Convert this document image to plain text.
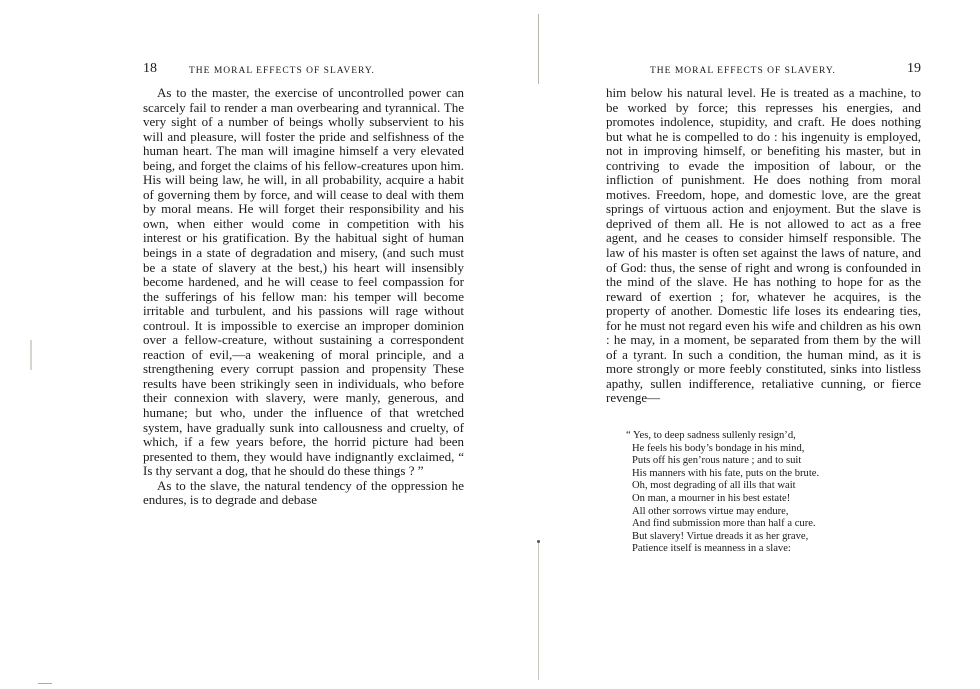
18	THE MORAL EFFECTS OF SLAVERY.

As to the master, the exercise of uncontrolled power can scarcely fail to render a man overbearing and tyrannical. The very sight of a number of beings wholly subservient to his will and pleasure, will foster the pride and selfishness of the human heart. The man will imagine himself a very elevated being, and forget the claims of his fellow-creatures upon him. His will being law, he will, in all probability, acquire a habit of governing them by force, and will cease to deal with them by moral means. He will forget their responsibility and his own, when either would come in competition with his interest or his gratification. By the habitual sight of human beings in a state of degradation and misery, (and such must be a state of slavery at the best,) his heart will insensibly become hardened, and he will cease to feel compassion for the sufferings of his fellow man: his temper will become irritable and turbulent, and his passions will rage without controul. It is impossible to exercise an improper dominion over a fellow-creature, without sustaining a correspondent reaction of evil,—a weakening of moral principle, and a strengthening every corrupt passion and propensity These results have been strikingly seen in individuals, who before their connexion with slavery, were manly, generous, and humane; but who, under the influence of that wretched system, have gradually sunk into callousness and cruelty, of which, if a few years before, the horrid picture had been presented to them, they would have indignantly exclaimed, “ Is thy servant a dog, that he should do these things ? ”

As to the slave, the natural tendency of the oppression he endures, is to degrade and debase

THE MORAL EFFECTS OF SLAVERY.	19

him below his natural level. He is treated as a machine, to be worked by force; this represses his energies, and promotes indolence, stupidity, and craft. He does nothing but what he is compelled to do : his ingenuity is employed, not in improving himself, or benefiting his master, but in contriving to evade the imposition of labour, or the infliction of punishment. He does nothing from moral motives. Freedom, hope, and domestic love, are the great springs of virtuous action and enjoyment. But the slave is deprived of them all. He is not allowed to act as a free agent, and he ceases to consider himself responsible. The law of his master is often set against the laws of nature, and of God: thus, the sense of right and wrong is confounded in the mind of the slave. He has nothing to hope for as the reward of exertion ; for, whatever he acquires, is the property of another. Domestic life loses its endearing ties, for he must not regard even his wife and children as his own : he may, in a moment, be separated from them by the will of a tyrant. In such a condition, the human mind, as it is more strongly or more feebly constituted, sinks into listless apathy, sullen indifference, retaliative cunning, or fierce revenge—

“ Yes, to deep sadness sullenly resign’d,
He feels his body’s bondage in his mind,
Puts off his gen’rous nature ; and to suit
His manners with his fate, puts on the brute.
Oh, most degrading of all ills that wait
On man, a mourner in his best estate!
All other sorrows virtue may endure,
And find submission more than half a cure.
But slavery! Virtue dreads it as her grave,
Patience itself is meanness in a slave:
